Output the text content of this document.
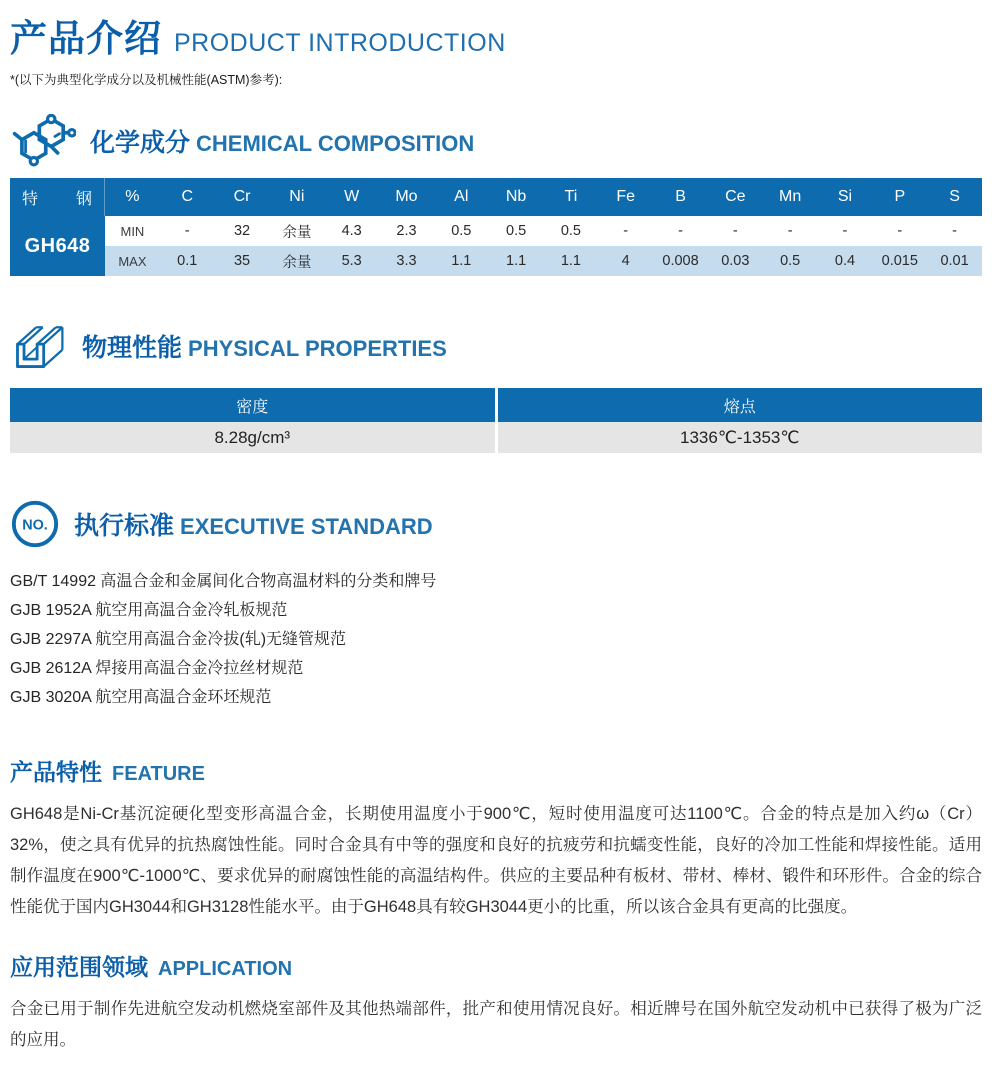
产品介绍 PRODUCT INTRODUCTION
*(以下为典型化学成分以及机械性能(ASTM)参考):
化学成分 CHEMICAL COMPOSITION
特 钢	%	C	Cr	Ni	W	Mo	Al	Nb	Ti	Fe	B	Ce	Mn	Si	P	S
GH648
MIN	-	32	余量	4.3	2.3	0.5	0.5	0.5	-	-	-	-	-	-	-
MAX	0.1	35	余量	5.3	3.3	1.1	1.1	1.1	4	0.008	0.03	0.5	0.4	0.015	0.01
物理性能 PHYSICAL PROPERTIES
密度	熔点
8.28g/cm³	1336℃-1353℃
NO. 执行标准 EXECUTIVE STANDARD
GB/T 14992 高温合金和金属间化合物高温材料的分类和牌号
GJB 1952A 航空用高温合金冷轧板规范
GJB 2297A 航空用高温合金冷拔(轧)无缝管规范
GJB 2612A 焊接用高温合金冷拉丝材规范
GJB 3020A 航空用高温合金环坯规范
产品特性 FEATURE

GH648是Ni-Cr基沉淀硬化型变形高温合金，长期使用温度小于900℃，短时使用温度可达1100℃。合金的特点是加入约ω（Cr）32%，使之具有优异的抗热腐蚀性能。同时合金具有中等的强度和良好的抗疲劳和抗蠕变性能，良好的冷加工性能和焊接性能。适用制作温度在900℃-1000℃、要求优异的耐腐蚀性能的高温结构件。供应的主要品种有板材、带材、棒材、锻件和环形件。合金的综合性能优于国内GH3044和GH3128性能水平。由于GH648具有较GH3044更小的比重，所以该合金具有更高的比强度。

应用范围领域 APPLICATION

合金已用于制作先进航空发动机燃烧室部件及其他热端部件，批产和使用情况良好。相近牌号在国外航空发动机中已获得了极为广泛的应用。
